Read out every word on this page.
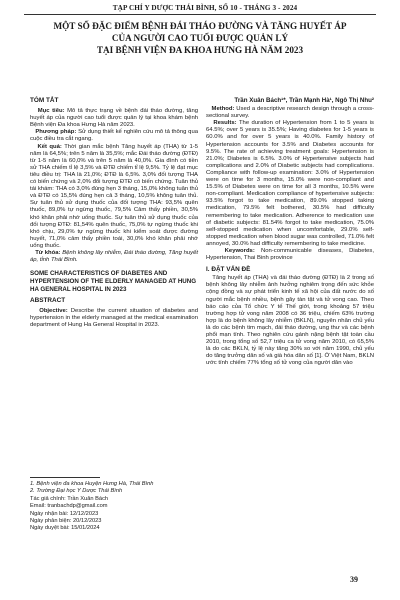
TẠP CHÍ Y DƯỢC THÁI BÌNH, SỐ 10 - THÁNG 3 - 2024
MỘT SỐ ĐẶC ĐIỂM BỆNH ĐÁI THÁO ĐƯỜNG VÀ TĂNG HUYẾT ÁP
CỦA NGƯỜI CAO TUỔI ĐƯỢC QUẢN LÝ
TẠI BỆNH VIỆN ĐA KHOA HƯNG HÀ NĂM 2023
TÓM TẮT

Mục tiêu: Mô tả thực trạng về bệnh đái tháo đường, tăng huyết áp của người cao tuổi được quản lý tại khoa khám bệnh Bệnh viện Đa khoa Hưng Hà năm 2023.

Phương pháp: Sử dụng thiết kế nghiên cứu mô tả thông qua cuộc điều tra cắt ngang.

Kết quả: Thời gian mắc bệnh Tăng huyết áp (THA) từ 1-5 năm là 64,5%; trên 5 năm là 35,5%; mắc Đái tháo đường (ĐTĐ) từ 1-5 năm là 60,0% và trên 5 năm là 40,0%. Gia đình có tiền sử THA chiếm tỉ lệ 3,5% và ĐTĐ chiếm tỉ lệ 9,5%. Tỷ lệ đạt mục tiêu điều trị: THA là 21,0%; ĐTĐ là 6,5%. 3,0% đối tượng THA có biến chứng và 2,0% đối tượng ĐTĐ có biến chứng. Tuân thủ tái khám: THA có 3,0% đúng hẹn 3 tháng, 15,0% không tuân thủ và ĐTĐ có 15,5% đúng hẹn cả 3 tháng, 10,5% không tuân thủ. Sự tuân thủ sử dụng thuốc của đối tượng THA: 93,5% quên thuốc, 89,0% tự ngừng thuốc, 79,5% Cảm thấy phiền, 30,5% khó khăn phải nhớ uống thuốc. Sự tuân thủ sử dụng thuốc của đối tượng ĐTĐ: 81,54% quên thuốc, 75,0% tự ngừng thuốc khi khó chịu, 29,0% tự ngừng thuốc khi kiểm soát được đường huyết, 71,0% cảm thấy phiền toái, 30,0% khó khăn phải nhớ uống thuốc.

Từ khóa: Bệnh không lây nhiễm, Đái tháo đường, Tăng huyết áp, tỉnh Thái Bình.

SOME CHARACTERISTICS OF DIABETES AND HYPERTENSION OF THE ELDERLY MANAGED AT HUNG HA GENERAL HOSPITAL IN 2023
ABSTRACT

Objective: Describe the current situation of diabetes and hypertension in the elderly managed at the medical examination department of Hung Ha General Hospital in 2023.

Trần Xuân Bách¹*, Trần Mạnh Hà¹, Ngô Thị Nhu²

Method: Used a descriptive research design through a cross-sectional survey.

Results: The duration of Hypertension from 1 to 5 years is 64.5%; over 5 years is 35.5%; Having diabetes for 1-5 years is 60.0% and for over 5 years is 40.0%. Family history of Hypertension accounts for 3.5% and Diabetes accounts for 9.5%. The rate of achieving treatment goals: Hypertension is 21.0%; Diabetes is 6.5%. 3.0% of Hypertensive subjects had complications and 2.0% of Diabetic subjects had complications. Compliance with follow-up examination: 3.0% of Hypertension were on time for 3 months, 15.0% were non-compliant and 15.5% of Diabetes were on time for all 3 months, 10.5% were non-compliant. Medication compliance of hypertensive subjects: 93.5% forgot to take medication, 89.0% stopped taking medication, 79.5% felt bothered, 30.5% had difficulty remembering to take medication. Adherence to medication use of diabetic subjects: 81.54% forgot to take medication, 75.0% self-stopped medication when uncomfortable, 29.0% self-stopped medication when blood sugar was controlled, 71.0% felt annoyed, 30.0% had difficulty remembering to take medicine.

Keywords: Non-communicable diseases, Diabetes, Hypertension, Thai Binh province

I. ĐẶT VẤN ĐỀ

Tăng huyết áp (THA) và đái tháo đường (ĐTĐ) là 2 trong số bệnh không lây nhiễm ảnh hưởng nghiêm trọng đến sức khỏe cộng đồng và sự phát triển kinh tế xã hội của đất nước do số người mắc bệnh nhiều, bệnh gây tàn tật và tử vong cao. Theo báo cáo của Tổ chức Y tế Thế giới, trong khoảng 57 triệu trường hợp tử vong năm 2008 có 36 triệu, chiếm 63% trường hợp là do bệnh không lây nhiễm (BKLN), nguyên nhân chủ yếu là do các bệnh tim mạch, đái tháo đường, ung thư và các bệnh phổi mạn tính. Theo nghiên cứu gánh nặng bệnh tật toàn cầu 2010, trong tổng số 52,7 triệu ca tử vong năm 2010, có 65,5% là do các BKLN, tỷ lệ này tăng 30% so với năm 1990, chủ yếu do tăng trưởng dân số và già hóa dân số [1]. Ở Việt Nam, BKLN ước tính chiếm 77% tổng số tử vong của người dân vào

1. Bệnh viện đa khoa Huyện Hưng Hà, Thái Bình
2. Trường Đại học Y Dược Thái Bình
Tác giả chính: Trần Xuân Bách
Email: tranbachdp@gmail.com
Ngày nhận bài: 12/12/2023
Ngày phản biện: 20/12/2023
Ngày duyệt bài: 15/01/2024
39
